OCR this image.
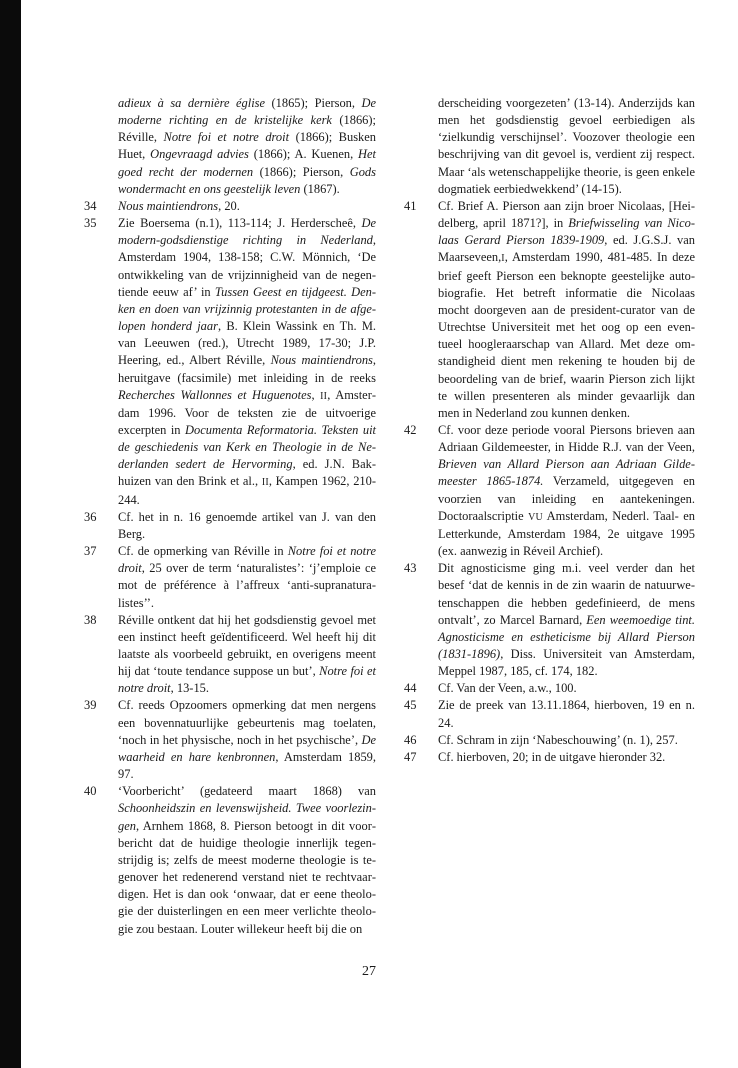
adieux à sa dernière église (1865); Pierson, De moderne richting en de kristelijke kerk (1866); Réville, Notre foi et notre droit (1866); Busken Huet, Ongevraagd advies (1866); A. Kuenen, Het goed recht der modernen (1866); Pierson, Gods wondermacht en ons geestelijk leven (1867).

34 Nous maintiendrons, 20.

35 Zie Boersema (n.1), 113-114; J. Herderscheê, De modern-godsdienstige richting in Nederland, Amsterdam 1904, 138-158; C.W. Mönnich, ‘De ontwikkeling van de vrijzinnigheid van de negentiende eeuw af’ in Tussen Geest en tijdgeest. Denken en doen van vrijzinnig protestanten in de afgelopen honderd jaar, B. Klein Wassink en Th. M. van Leeuwen (red.), Utrecht 1989, 17-30; J.P. Heering, ed., Albert Réville, Nous maintiendrons, heruitgave (facsimile) met inleiding in de reeks Recherches Wallonnes et Huguenotes, II, Amsterdam 1996. Voor de teksten zie de uitvoerige excerpten in Documenta Reformatoria. Teksten uit de geschiedenis van Kerk en Theologie in de Nederlanden sedert de Hervorming, ed. J.N. Bakhuizen van den Brink et al., II, Kampen 1962, 210-244.

36 Cf. het in n. 16 genoemde artikel van J. van den Berg.

37 Cf. de opmerking van Réville in Notre foi et notre droit, 25 over de term ‘naturalistes’: ‘j’emploie ce mot de préférence à l’affreux ‘anti-supranaturalistes’’.

38 Réville ontkent dat hij het godsdienstig gevoel met een instinct heeft geïdentificeerd. Wel heeft hij dit laatste als voorbeeld gebruikt, en overigens meent hij dat ‘toute tendance suppose un but’, Notre foi et notre droit, 13-15.

39 Cf. reeds Opzoomers opmerking dat men nergens een bovennatuurlijke gebeurtenis mag toelaten, ‘noch in het physische, noch in het psychische’, De waarheid en hare kenbronnen, Amsterdam 1859, 97.

40 ‘Voorbericht’ (gedateerd maart 1868) van Schoonheidszin en levenswijsheid. Twee voorlezingen, Arnhem 1868, 8. Pierson betoogt in dit voorbericht dat de huidige theologie innerlijk tegenstrijdig is; zelfs de meest moderne theologie is tegenover het redenerend verstand niet te rechtvaardigen. Het is dan ook ‘onwaar, dat er eene theologie der duisterlingen en een meer verlichte theologie zou bestaan. Louter willekeur heeft bij die on

derscheiding voorgezeten’ (13-14). Anderzijds kan men het godsdienstig gevoel eerbiedigen als ‘zielkundig verschijnsel’. Voozover theologie een beschrijving van dit gevoel is, verdient zij respect. Maar ‘als wetenschappelijke theorie, is geen enkele dogmatiek eerbiedwekkend’ (14-15).

41 Cf. Brief A. Pierson aan zijn broer Nicolaas, [Heidelberg, april 1871?], in Briefwisseling van Nicolaas Gerard Pierson 1839-1909, ed. J.G.S.J. van Maarseveen,I, Amsterdam 1990, 481-485. In deze brief geeft Pierson een beknopte geestelijke autobiografie. Het betreft informatie die Nicolaas mocht doorgeven aan de president-curator van de Utrechtse Universiteit met het oog op een eventueel hoogleraarschap van Allard. Met deze omstandigheid dient men rekening te houden bij de beoordeling van de brief, waarin Pierson zich lijkt te willen presenteren als minder gevaarlijk dan men in Nederland zou kunnen denken.

42 Cf. voor deze periode vooral Piersons brieven aan Adriaan Gildemeester, in Hidde R.J. van der Veen, Brieven van Allard Pierson aan Adriaan Gildemeester 1865-1874. Verzameld, uitgegeven en voorzien van inleiding en aantekeningen. Doctoraalscriptie VU Amsterdam, Nederl. Taal- en Letterkunde, Amsterdam 1984, 2e uitgave 1995 (ex. aanwezig in Réveil Archief).

43 Dit agnosticisme ging m.i. veel verder dan het besef ‘dat de kennis in de zin waarin de natuurwetenschappen die hebben gedefinieerd, de mens ontvalt’, zo Marcel Barnard, Een weemoedige tint. Agnosticisme en estheticisme bij Allard Pierson (1831-1896), Diss. Universiteit van Amsterdam, Meppel 1987, 185, cf. 174, 182.

44 Cf. Van der Veen, a.w., 100.

45 Zie de preek van 13.11.1864, hierboven, 19 en n. 24.

46 Cf. Schram in zijn ‘Nabeschouwing’ (n. 1), 257.

47 Cf. hierboven, 20; in de uitgave hieronder 32.

27
